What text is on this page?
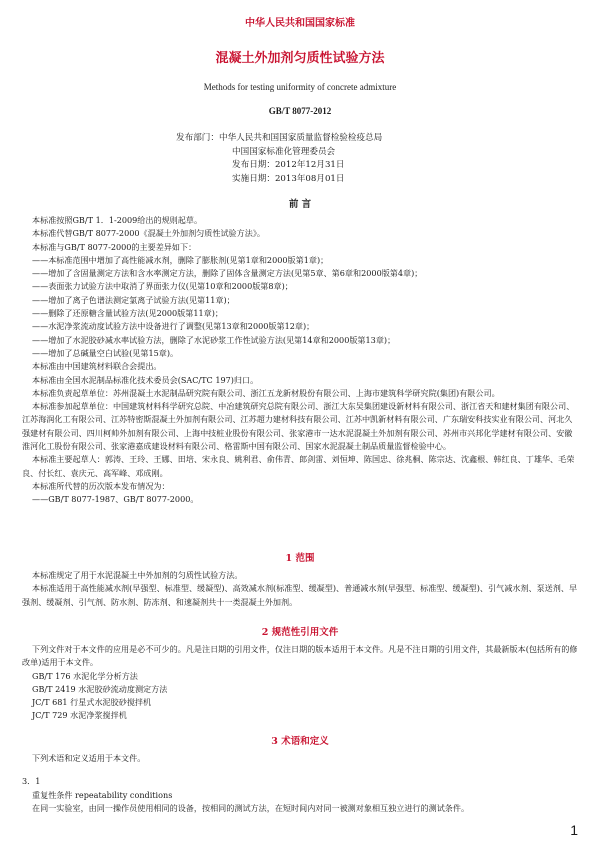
中华人民共和国国家标准
混凝土外加剂匀质性试验方法
Methods for testing uniformity of concrete admixture
GB/T 8077-2012
发布部门：中华人民共和国国家质量监督检验检疫总局
中国国家标准化管理委员会
发布日期：2012年12月31日
实施日期：2013年08月01日
前 言
本标准按照GB/T 1．1-2009给出的规则起草。
本标准代替GB/T 8077-2000《混凝土外加剂匀质性试验方法》。
本标准与GB/T 8077-2000的主要差异如下：
——本标准范围中增加了高性能减水剂，删除了膨胀剂(见第1章和2000版第1章)；
——增加了含固量测定方法和含水率测定方法，删除了固体含量测定方法(见第5章、第6章和2000版第4章)；
——表面张力试验方法中取消了界面张力仪(见第10章和2000版第8章)；
——增加了离子色谱法测定氯离子试验方法(见第11章)；
——删除了还原糖含量试验方法(见2000版第11章)；
——水泥净浆流动度试验方法中设备进行了调整(见第13章和2000版第12章)；
——增加了水泥胶砂减水率试验方法，删除了水泥砂浆工作性试验方法(见第14章和2000版第13章)；
——增加了总碱量空白试验(见第15章)。
本标准由中国建筑材料联合会提出。
本标准由全国水泥制品标准化技术委员会(SAC/TC 197)归口。
本标准负责起草单位：苏州混凝土水泥制品研究院有限公司、浙江五龙新材股份有限公司、上海市建筑科学研究院(集团)有限公司。
本标准参加起草单位：中国建筑材料科学研究总院、中冶建筑研究总院有限公司、浙江大东吴集团建设新材料有限公司、浙江省天和建材集团有限公司、江苏海润化工有限公司、江苏特密斯混凝土外加剂有限公司、江苏超力建材科技有限公司、江苏中凯新材料有限公司、广东瑞安科技实业有限公司、河北久强建材有限公司、四川柯帅外加剂有限公司、上海中技桩业股份有限公司、张家港市一达水泥混凝土外加剂有限公司、苏州市兴邦化学建材有限公司、安徽淮河化工股份有限公司、张家港嘉成建设材料有限公司、格雷斯中国有限公司、国家水泥混凝土制品质量监督检验中心。
本标准主要起草人：郭涛、王玲、王娜、田培、宋永良、姚利君、俞伟青、郎剑雷、刘恒坤、陈国忠、徐兆桐、陈宗达、沈鑫根、韩红良、丁雄华、毛荣良、付长红、袁庆元、高军峰、邓成刚。
本标准所代替的历次版本发布情况为：
——GB/T 8077-1987、GB/T 8077-2000。
1 范围
本标准规定了用于水泥混凝土中外加剂的匀质性试验方法。
本标准适用于高性能减水剂(早强型、标准型、缓凝型)、高效减水剂(标准型、缓凝型)、普通减水剂(早强型、标准型、缓凝型)、引气减水剂、泵送剂、早强剂、缓凝剂、引气剂、防水剂、防冻剂、和速凝剂共十一类混凝土外加剂。
2 规范性引用文件
下列文件对于本文件的应用是必不可少的。凡是注日期的引用文件，仅注日期的版本适用于本文件。凡是不注日期的引用文件，其最新版本(包括所有的修改单)适用于本文件。
GB/T 176 水泥化学分析方法
GB/T 2419 水泥胶砂流动度测定方法
JC/T 681 行星式水泥胶砂搅拌机
JC/T 729 水泥净浆搅拌机
3 术语和定义
下列术语和定义适用于本文件。
3．1
重复性条件 repeatability conditions
在同一实验室，由同一操作员使用相同的设备，按相同的测试方法，在短时间内对同一被测对象相互独立进行的测试条件。
1
